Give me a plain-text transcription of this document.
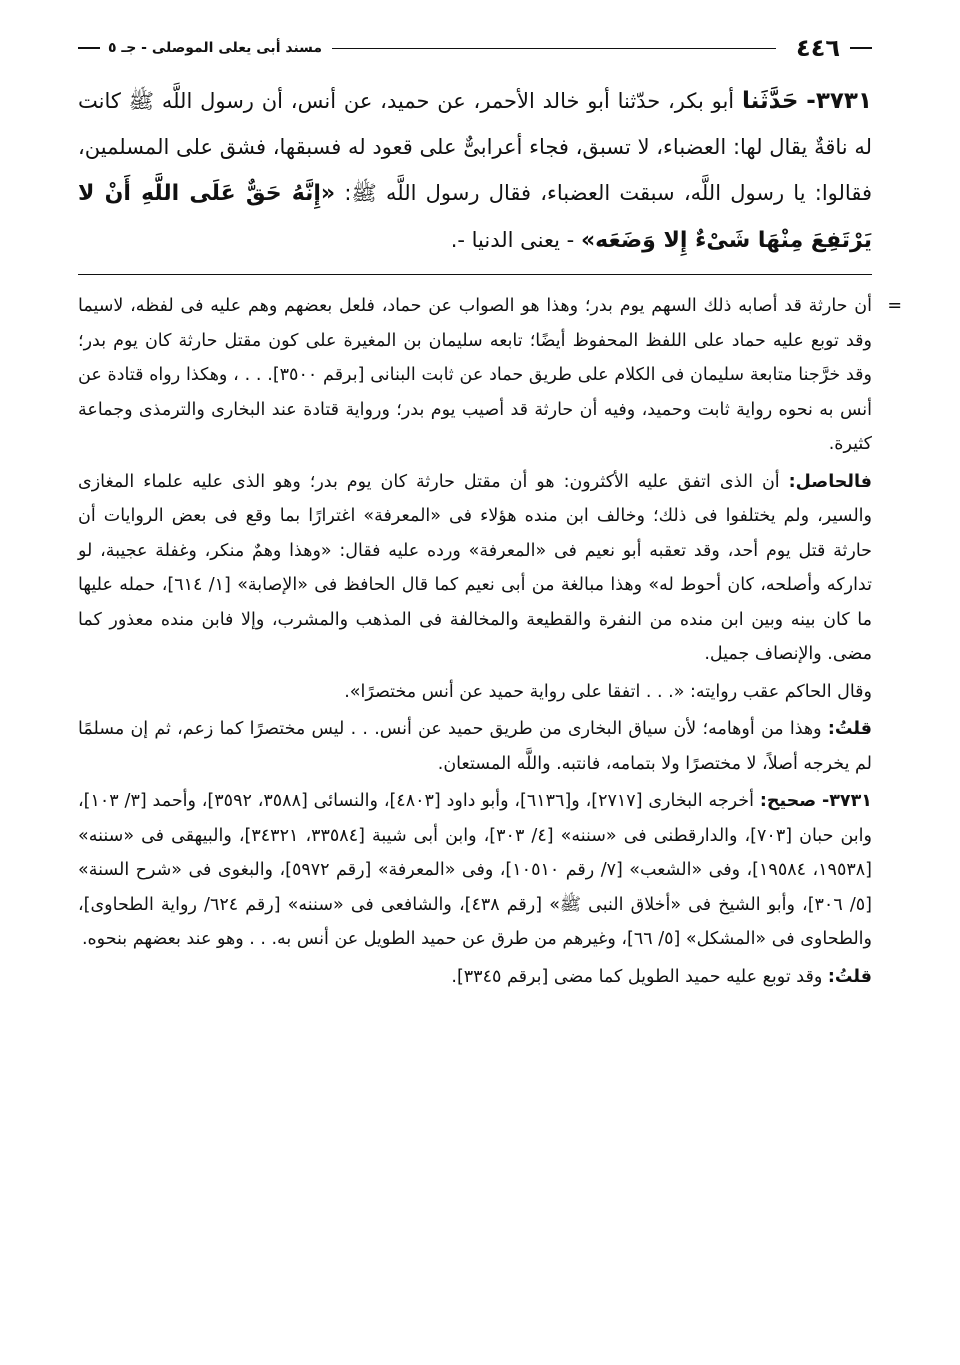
٤٤٦
مسند أبى يعلى الموصلى - جـ ٥
٣٧٣١- حَدَّثَنا أبو بكر، حدّثنا أبو خالد الأحمر، عن حميد، عن أنس، أن رسول اللَّه ﷺ كانت له ناقةٌ يقال لها: العضباء، لا تسبق، فجاء أعرابىٌّ على قعود له فسبقها، فشق على المسلمين، فقالوا: يا رسول اللَّه، سبقت العضباء، فقال رسول اللَّه ﷺ: «إِنَّهُ حَقٌّ عَلَى اللَّهِ أَنْ لا يَرْتَفِعَ مِنْهَا شَىْءٌ إِلا وَضَعَه» - يعنى الدنيا -.

=
أن حارثة قد أصابه ذلك السهم يوم بدر؛ وهذا هو الصواب عن حماد، فلعل بعضهم وهم عليه فى لفظه، لاسيما وقد توبع عليه حماد على اللفظ المحفوظ أيضًا؛ تابعه سليمان بن المغيرة على كون مقتل حارثة كان يوم بدر؛ وقد خرَّجنا متابعة سليمان فى الكلام على طريق حماد عن ثابت البنانى [برقم ٣٥٠٠]. . . ، وهكذا رواه قتادة عن أنس به نحوه رواية ثابت وحميد، وفيه أن حارثة قد أصيب يوم بدر؛ ورواية قتادة عند البخارى والترمذى وجماعة كثيرة.

فالحاصل: أن الذى اتفق عليه الأكثرون: هو أن مقتل حارثة كان يوم بدر؛ وهو الذى عليه علماء المغازى والسير، ولم يختلفوا فى ذلك؛ وخالف ابن منده هؤلاء فى «المعرفة» اغترارًا بما وقع فى بعض الروايات أن حارثة قتل يوم أحد، وقد تعقبه أبو نعيم فى «المعرفة» ورده عليه فقال: «وهذا وهمٌ منكر، وغفلة عجيبة، لو تداركه وأصلحه، كان أحوط له» وهذا مبالغة من أبى نعيم كما قال الحافظ فى «الإصابة» [١/ ٦١٤]، حمله عليها ما كان بينه وبين ابن منده من النفرة والقطيعة والمخالفة فى المذهب والمشرب، وإلا فابن منده معذور كما مضى. والإنصاف جميل.

وقال الحاكم عقب روايته: «. . . اتفقا على رواية حميد عن أنس مختصرًا».

قلتُ: وهذا من أوهامه؛ لأن سياق البخارى من طريق حميد عن أنس. . . ليس مختصرًا كما زعم، ثم إن مسلمًا لم يخرجه أصلاً، لا مختصرًا ولا بتمامه، فانتبه. واللَّه المستعان.

٣٧٣١- صحيح: أخرجه البخارى [٢٧١٧]، و[٦١٣٦]، وأبو داود [٤٨٠٣]، والنسائى [٣٥٨٨، ٣٥٩٢]، وأحمد [٣/ ١٠٣]، وابن حبان [٧٠٣]، والدارقطنى فى «سننه» [٤/ ٣٠٣]، وابن أبى شيبة [٣٣٥٨٤، ٣٤٣٢١]، والبيهقى فى «سننه» [١٩٥٣٨، ١٩٥٨٤]، وفى «الشعب» [٧/ رقم ١٠٥١٠]، وفى «المعرفة» [رقم ٥٩٧٢]، والبغوى فى «شرح السنة» [٥/ ٣٠٦]، وأبو الشيخ فى «أخلاق النبى ﷺ» [رقم ٤٣٨]، والشافعى فى «سننه» [رقم ٦٢٤/ رواية الطحاوى]، والطحاوى فى «المشكل» [٥/ ٦٦]، وغيرهم من طرق عن حميد الطويل عن أنس به. . . وهو عند بعضهم بنحوه.

قلتُ: وقد توبع عليه حميد الطويل كما مضى [برقم ٣٣٤٥].
